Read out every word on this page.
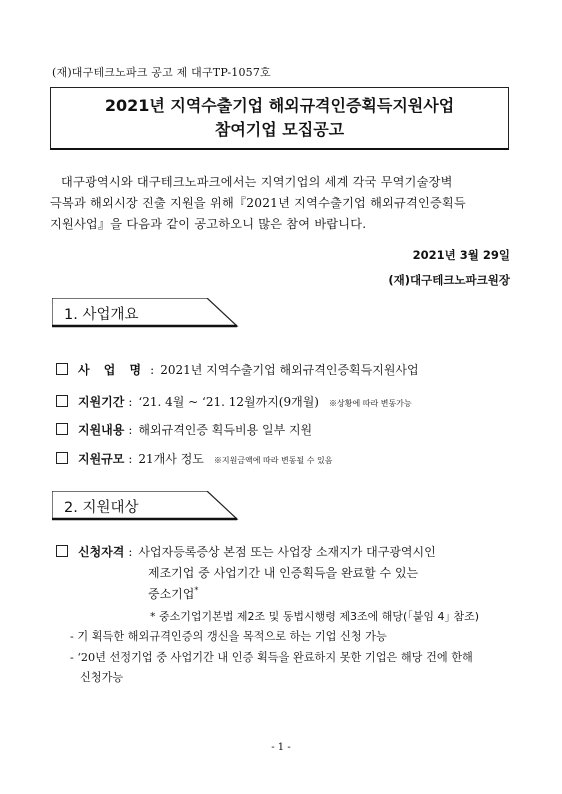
(재)대구테크노파크 공고 제 대구TP-1057호
2021년 지역수출기업 해외규격인증획득지원사업
참여기업 모집공고
대구광역시와 대구테크노파크에서는 지역기업의 세계 각국 무역기술장벽
극복과 해외시장 진출 지원을 위해『2021년 지역수출기업 해외규격인증획득
지원사업』을 다음과 같이 공고하오니 많은 참여 바랍니다.
2021년 3월 29일
(재)대구테크노파크원장
1. 사업개요
사 업 명 : 2021년 지역수출기업 해외규격인증획득지원사업
지원기간 : ‘21. 4월 ~ ‘21. 12월까지(9개월) ※상황에 따라 변동가능
지원내용 : 해외규격인증 획득비용 일부 지원
지원규모 : 21개사 정도 ※지원금액에 따라 변동될 수 있음
2. 지원대상
신청자격 : 사업자등록증상 본점 또는 사업장 소재지가 대구광역시인
제조기업 중 사업기간 내 인증획득을 완료할 수 있는
중소기업*
* 중소기업기본법 제2조 및 동법시행령 제3조에 해당(｢붙임 4｣ 참조)
- 기 획득한 해외규격인증의 갱신을 목적으로 하는 기업 신청 가능
- ‘20년 선정기업 중 사업기간 내 인증 획득을 완료하지 못한 기업은 해당 건에 한해
신청가능
- 1 -
